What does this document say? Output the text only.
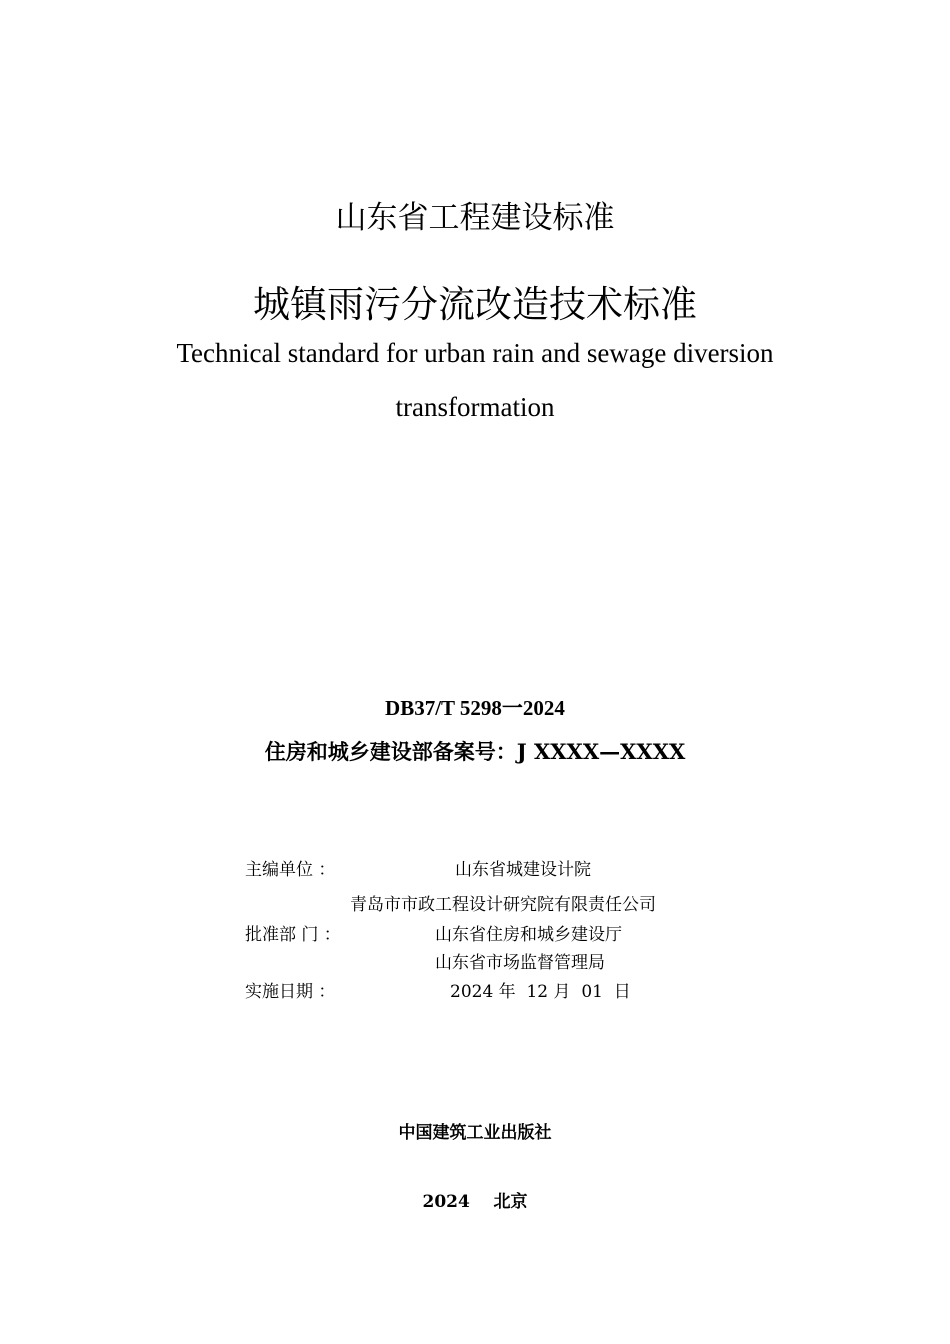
山东省工程建设标准
城镇雨污分流改造技术标准
Technical standard for urban rain and sewage diversion
transformation
DB37/T 5298一2024
住房和城乡建设部备案号：J XXXX—XXXX
主编单位 ：	山东省城建设计院
青岛市市政工程设计研究院有限责任公司
批准部 门 ：	山东省住房和城乡建设厅
山东省市场监督管理局
实施日期 ：	2024 年  12 月  01  日
中国建筑工业出版社
2024    北京
